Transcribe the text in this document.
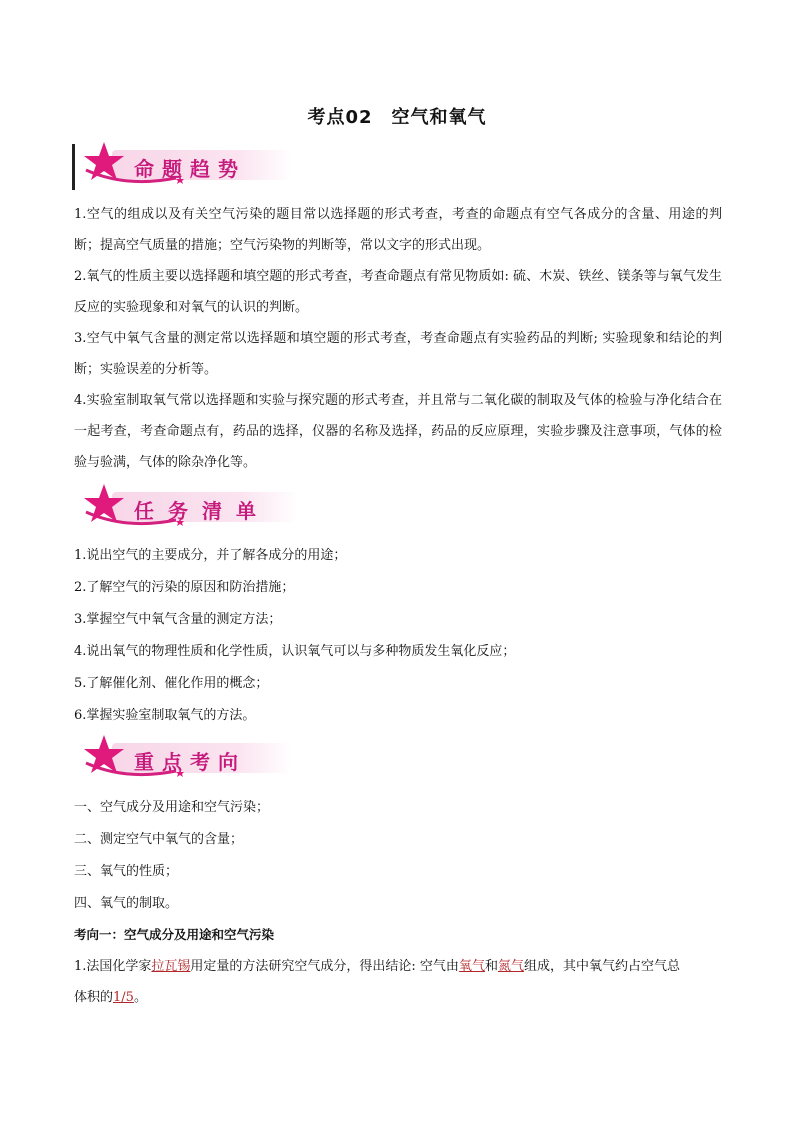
考点02　空气和氧气
命题趋势
1.空气的组成以及有关空气污染的题目常以选择题的形式考查，考查的命题点有空气各成分的含量、用途的判断；提高空气质量的措施；空气污染物的判断等，常以文字的形式出现。
2.氧气的性质主要以选择题和填空题的形式考查，考查命题点有常见物质如: 硫、木炭、铁丝、镁条等与氧气发生反应的实验现象和对氧气的认识的判断。
3.空气中氧气含量的测定常以选择题和填空题的形式考查，考查命题点有实验药品的判断; 实验现象和结论的判断；实验误差的分析等。
4.实验室制取氧气常以选择题和实验与探究题的形式考查，并且常与二氧化碳的制取及气体的检验与净化结合在一起考查，考查命题点有，药品的选择，仪器的名称及选择，药品的反应原理，实验步骤及注意事项，气体的检验与验满，气体的除杂净化等。
任务清单
1.说出空气的主要成分，并了解各成分的用途；
2.了解空气的污染的原因和防治措施；
3.掌握空气中氧气含量的测定方法；
4.说出氧气的物理性质和化学性质，认识氧气可以与多种物质发生氧化反应；
5.了解催化剂、催化作用的概念；
6.掌握实验室制取氧气的方法。
重点考向
一、空气成分及用途和空气污染；
二、测定空气中氧气的含量；
三、氧气的性质；
四、氧气的制取。
考向一：空气成分及用途和空气污染
1.法国化学家拉瓦锡用定量的方法研究空气成分，得出结论: 空气由氧气和氮气组成，其中氧气约占空气总
体积的1/5。
